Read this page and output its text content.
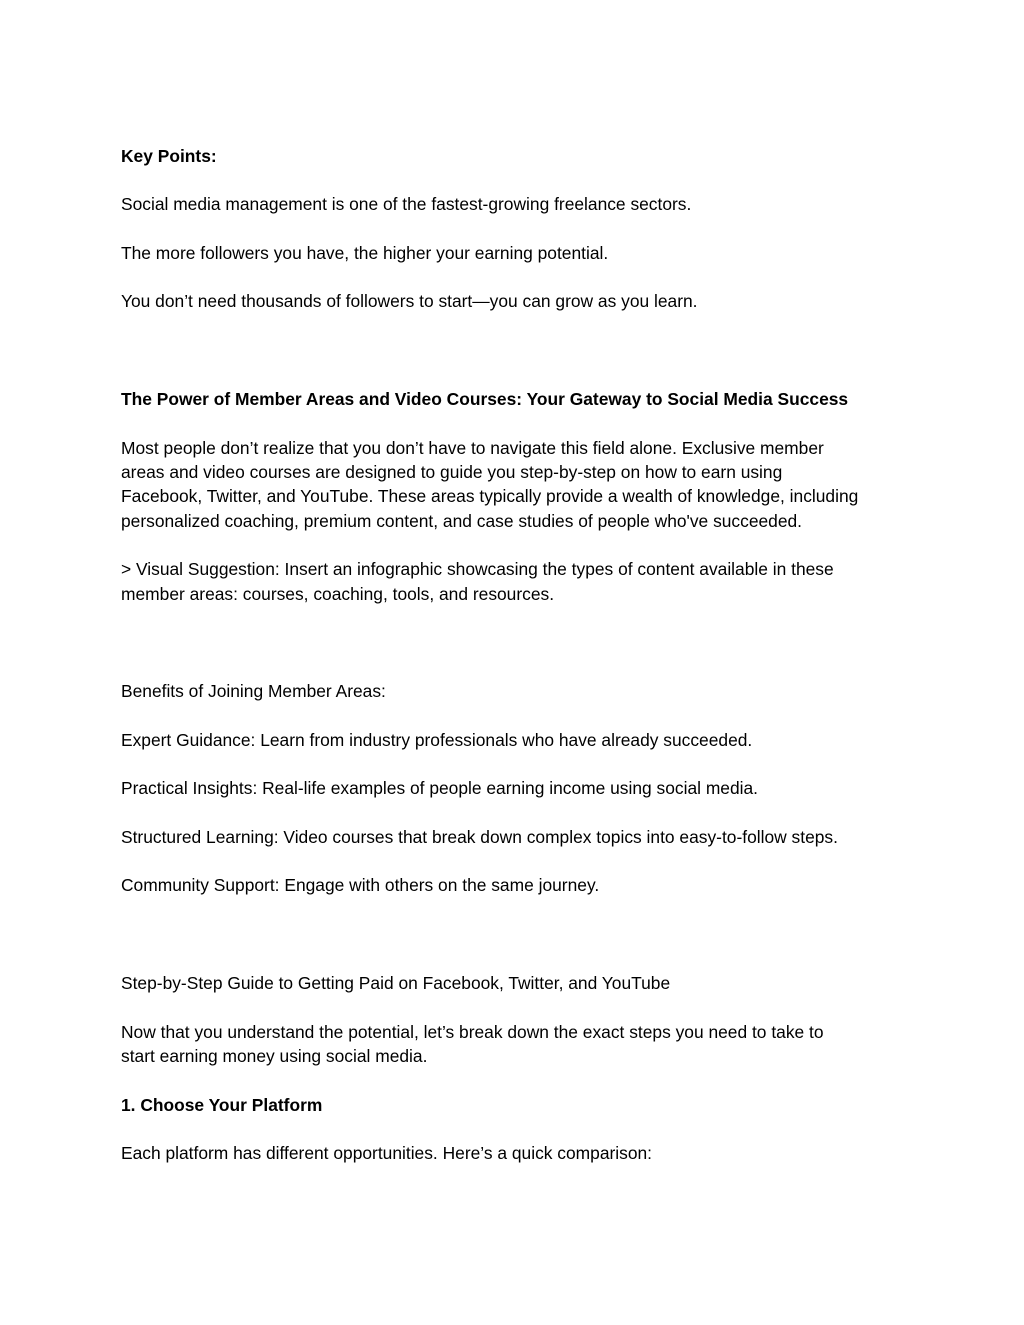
Key Points:

Social media management is one of the fastest-growing freelance sectors.

The more followers you have, the higher your earning potential.

You don’t need thousands of followers to start—you can grow as you learn.

The Power of Member Areas and Video Courses: Your Gateway to Social Media Success

Most people don’t realize that you don’t have to navigate this field alone. Exclusive member

areas and video courses are designed to guide you step-by-step on how to earn using

Facebook, Twitter, and YouTube. These areas typically provide a wealth of knowledge, including

personalized coaching, premium content, and case studies of people who've succeeded.

> Visual Suggestion: Insert an infographic showcasing the types of content available in these

member areas: courses, coaching, tools, and resources.

Benefits of Joining Member Areas:

Expert Guidance: Learn from industry professionals who have already succeeded.

Practical Insights: Real-life examples of people earning income using social media.

Structured Learning: Video courses that break down complex topics into easy-to-follow steps.

Community Support: Engage with others on the same journey.

Step-by-Step Guide to Getting Paid on Facebook, Twitter, and YouTube

Now that you understand the potential, let’s break down the exact steps you need to take to

start earning money using social media.

1. Choose Your Platform

Each platform has different opportunities. Here’s a quick comparison:
